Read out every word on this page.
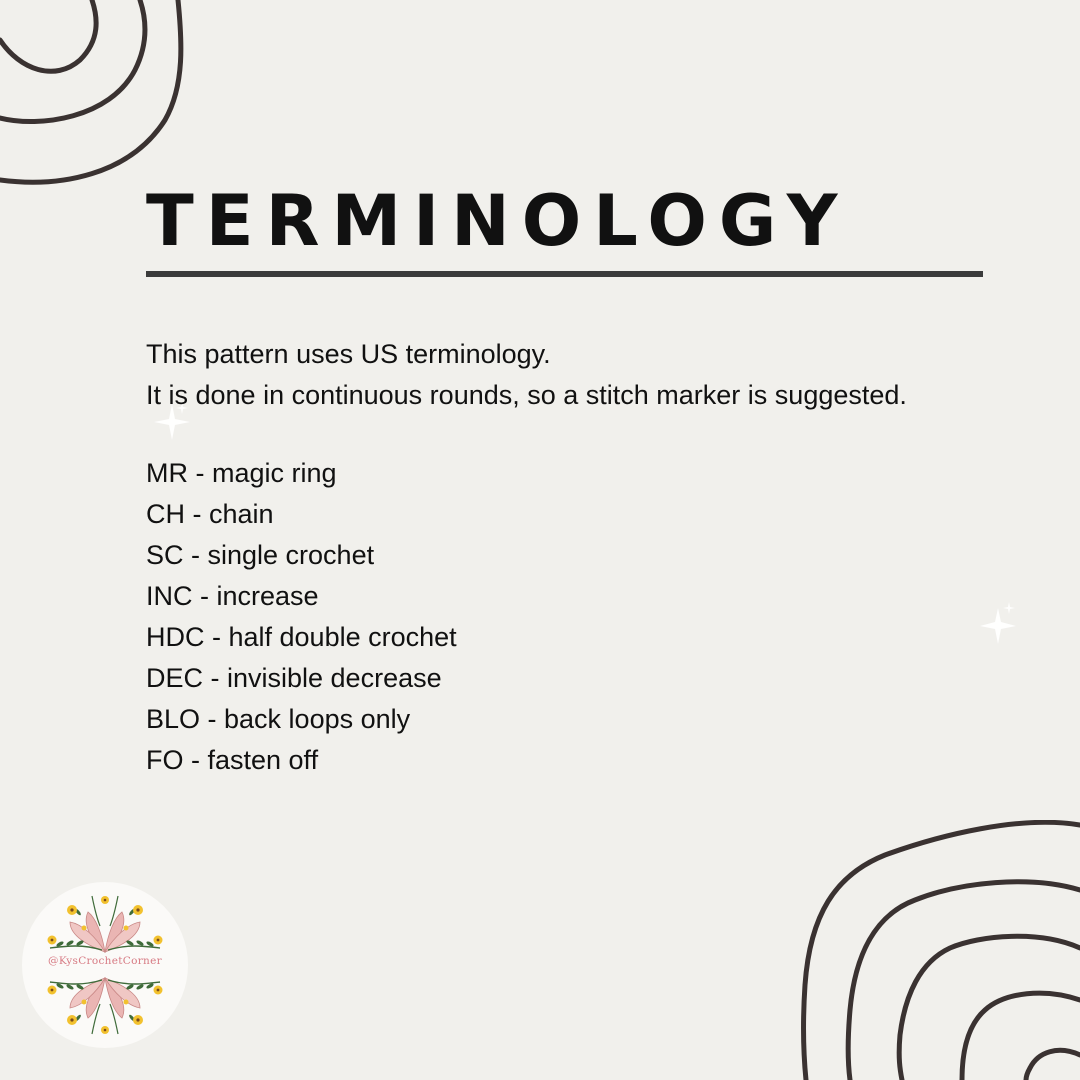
TERMINOLOGY
This pattern uses US terminology.
It is done in continuous rounds, so a stitch marker is suggested.
MR - magic ring
CH - chain
SC - single crochet
INC - increase
HDC - half double crochet
DEC - invisible decrease
BLO - back loops only
FO - fasten off
@KysCrochetCorner
